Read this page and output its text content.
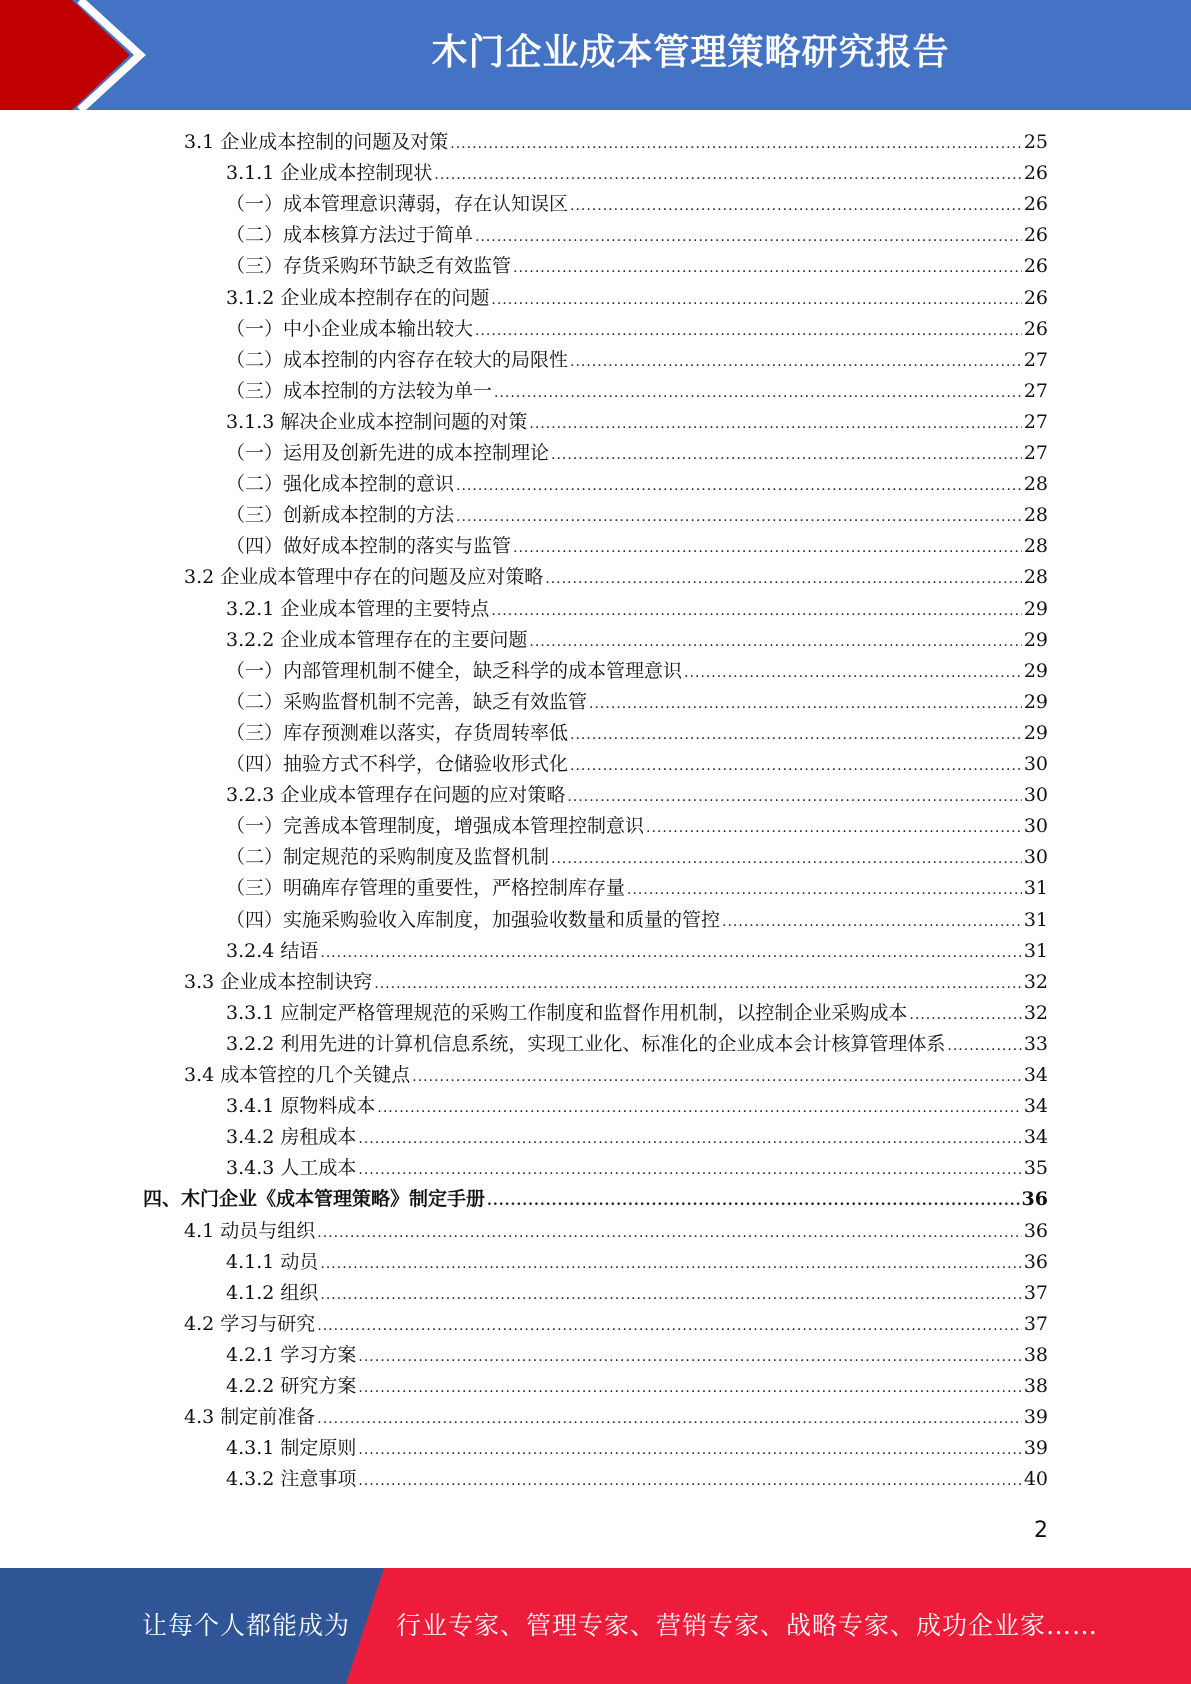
木门企业成本管理策略研究报告
3.1 企业成本控制的问题及对策 .....	25
3.1.1 企业成本控制现状 .....	26
（一）成本管理意识薄弱，存在认知误区 .....	26
（二）成本核算方法过于简单 .....	26
（三）存货采购环节缺乏有效监管 .....	26
3.1.2 企业成本控制存在的问题 .....	26
（一）中小企业成本输出较大 .....	26
（二）成本控制的内容存在较大的局限性 .....	27
（三）成本控制的方法较为单一 .....	27
3.1.3 解决企业成本控制问题的对策 .....	27
（一）运用及创新先进的成本控制理论 .....	27
（二）强化成本控制的意识 .....	28
（三）创新成本控制的方法 .....	28
（四）做好成本控制的落实与监管 .....	28
3.2 企业成本管理中存在的问题及应对策略 .....	28
3.2.1 企业成本管理的主要特点 .....	29
3.2.2 企业成本管理存在的主要问题 .....	29
（一）内部管理机制不健全，缺乏科学的成本管理意识 .....	29
（二）采购监督机制不完善，缺乏有效监管 .....	29
（三）库存预测难以落实，存货周转率低 .....	29
（四）抽验方式不科学，仓储验收形式化 .....	30
3.2.3 企业成本管理存在问题的应对策略 .....	30
（一）完善成本管理制度，增强成本管理控制意识 .....	30
（二）制定规范的采购制度及监督机制 .....	30
（三）明确库存管理的重要性，严格控制库存量 .....	31
（四）实施采购验收入库制度，加强验收数量和质量的管控 .....	31
3.2.4 结语 .....	31
3.3 企业成本控制诀窍 .....	32
3.3.1 应制定严格管理规范的采购工作制度和监督作用机制，以控制企业采购成本 .....	32
3.2.2 利用先进的计算机信息系统，实现工业化、标准化的企业成本会计核算管理体系 .....	33
3.4 成本管控的几个关键点 .....	34
3.4.1 原物料成本 .....	34
3.4.2 房租成本 .....	34
3.4.3 人工成本 .....	35
四、木门企业《成本管理策略》制定手册 .....	36
4.1 动员与组织 .....	36
4.1.1 动员 .....	36
4.1.2 组织 .....	37
4.2 学习与研究 .....	37
4.2.1 学习方案 .....	38
4.2.2 研究方案 .....	38
4.3 制定前准备 .....	39
4.3.1 制定原则 .....	39
4.3.2 注意事项 .....	40
2
让每个人都能成为 行业专家、管理专家、营销专家、战略专家、成功企业家……
